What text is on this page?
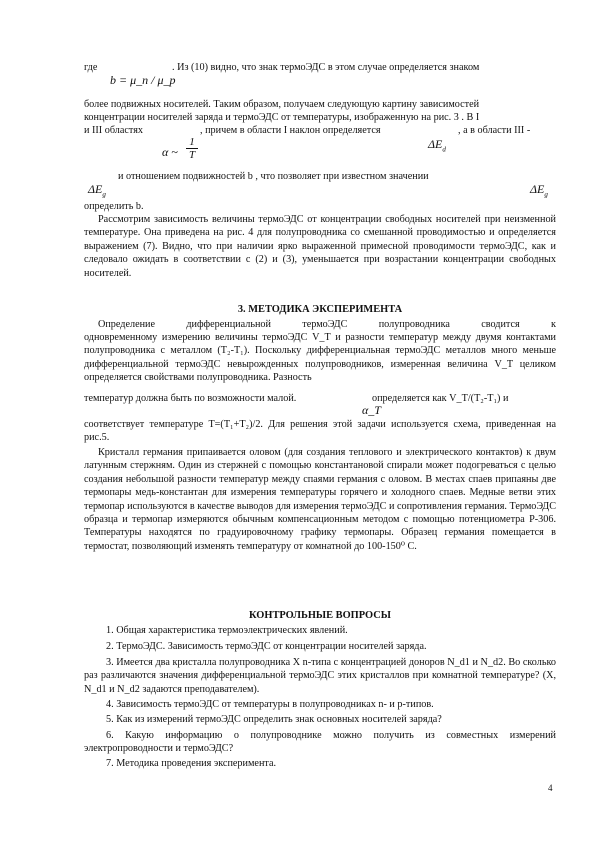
где	. Из (10) видно, что знак термоЭДС в этом случае определяется знаком
b = μ_n / μ_p
более подвижных носителей. Таким образом, получаем следующую картину зависимостей
концентрации носителей заряда и термоЭДС от температуры, изображенную на рис. 3 . В I
и III областях	, причем в области I наклон определяется	, а в области III -
α ~ $\frac{1}{T}$	$\Delta E_d$
и отношением подвижностей b , что позволяет при известном значении
$\Delta E_g$	$\Delta E_g$
определить b.
Рассмотрим зависимость величины термоЭДС от концентрации свободных носителей при неизменной температуре. Она приведена на рис. 4 для полупроводника со смешанной проводимостью и определяется выражением (7). Видно, что при наличии ярко выраженной примесной проводимости термоЭДС, как и следовало ожидать в соответствии с (2) и (3), уменьшается при возрастании концентрации свободных носителей.
3. МЕТОДИКА ЭКСПЕРИМЕНТА
Определение дифференциальной термоЭДС полупроводника сводится к
одновременному измерению величины термоЭДС V_T и разности температур между двумя контактами полупроводника с металлом (T₂-T₁). Поскольку дифференциальная термоЭДС металлов много меньше дифференциальной термоЭДС невырожденных полупроводников, измеренная величина V_T целиком определяется свойствами полупроводника. Разность
температур должна быть по возможности малой.	определяется как V_T/(T₂-T₁) и
α_T
соответствует температуре T=(T₁+T₂)/2. Для решения этой задачи используется схема, приведенная на рис.5.
Кристалл германия припаивается оловом (для создания теплового и электрического контактов) к двум латунным стержням. Один из стержней с помощью константановой спирали может подогреваться с целью создания небольшой разности температур между спаями германия с оловом. В местах спаев припаяны две термопары медь-константан для измерения температуры горячего и холодного спаев. Медные ветви этих термопар используются в качестве выводов для измерения термоЭДС и сопротивления германия. ТермоЭДС образца и термопар измеряются обычным компенсационным методом с помощью потенциометра Р-306. Температуры находятся по градуировочному графику термопары. Образец германия помещается в термостат, позволяющий изменять температуру от комнатной до 100-150⁰ С.
КОНТРОЛЬНЫЕ ВОПРОСЫ
1. Общая характеристика термоэлектрических явлений.
2. ТермоЭДС. Зависимость термоЭДС от концентрации носителей заряда.
3. Имеется два кристалла полупроводника Х n-типа с концентрацией доноров N_d1 и N_d2. Во сколько раз различаются значения дифференциальной термоЭДС этих кристаллов при комнатной температуре? (Х, N_d1 и N_d2 задаются преподавателем).
4. Зависимость термоЭДС от температуры в полупроводниках n- и p-типов.
5. Как из измерений термоЭДС определить знак основных носителей заряда?
6. Какую информацию о полупроводнике можно получить из совместных измерений электропроводности и термоЭДС?
7. Методика проведения эксперимента.
4
